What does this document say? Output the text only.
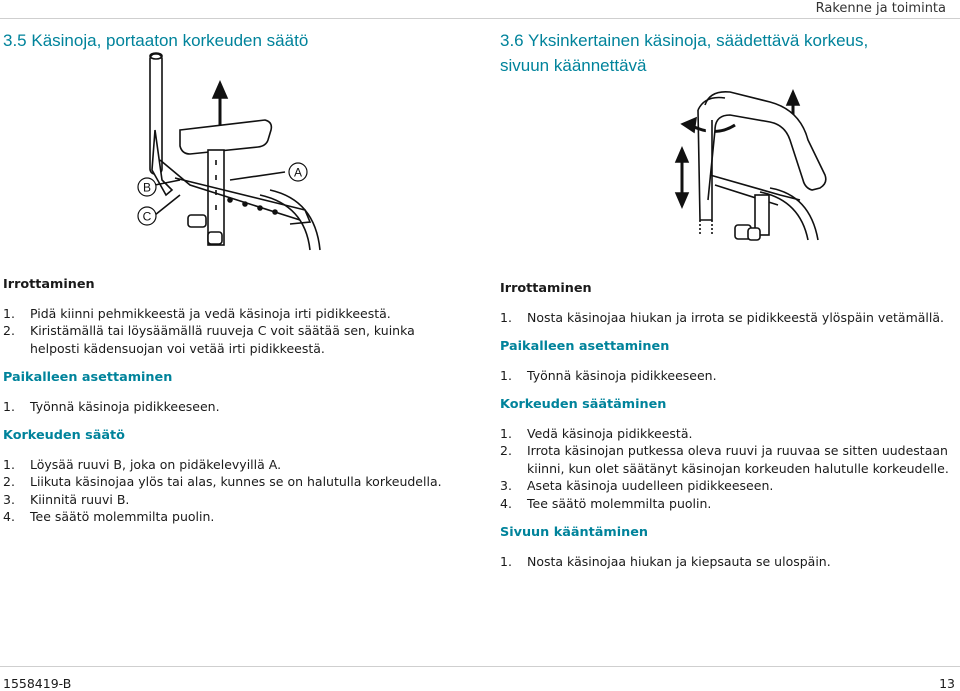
Rakenne ja toiminta
3.5 Käsinoja, portaaton korkeuden säätö	3.6 Yksinkertainen käsinoja, säädettävä korkeus,
sivuun käännettävä
B
C
A

Irrottaminen

1.	Pidä kiinni pehmikkeestä ja vedä käsinoja irti pidikkeestä.
2.	Kiristämällä tai löysäämällä ruuveja C voit säätää sen, kuinka helposti kädensuojan voi vetää irti pidikkeestä.

Paikalleen asettaminen

1.	Työnnä käsinoja pidikkeeseen.

Korkeuden säätö

1.	Löysää ruuvi B, joka on pidäkelevyillä A.
2.	Liikuta käsinojaa ylös tai alas, kunnes se on halutulla korkeudella.
3.	Kiinnitä ruuvi B.
4.	Tee säätö molemmilta puolin.

Irrottaminen

1.	Nosta käsinojaa hiukan ja irrota se pidikkeestä ylöspäin vetämällä.

Paikalleen asettaminen

1.	Työnnä käsinoja pidikkeeseen.

Korkeuden säätäminen

1.	Vedä käsinoja pidikkeestä.
2.	Irrota käsinojan putkessa oleva ruuvi ja ruuvaa se sitten uudestaan kiinni, kun olet säätänyt käsinojan korkeuden halutulle korkeudelle.
3.	Aseta käsinoja uudelleen pidikkeeseen.
4.	Tee säätö molemmilta puolin.

Sivuun kääntäminen

1.	Nosta käsinojaa hiukan ja kiepsauta se ulospäin.
1558419-B	13
